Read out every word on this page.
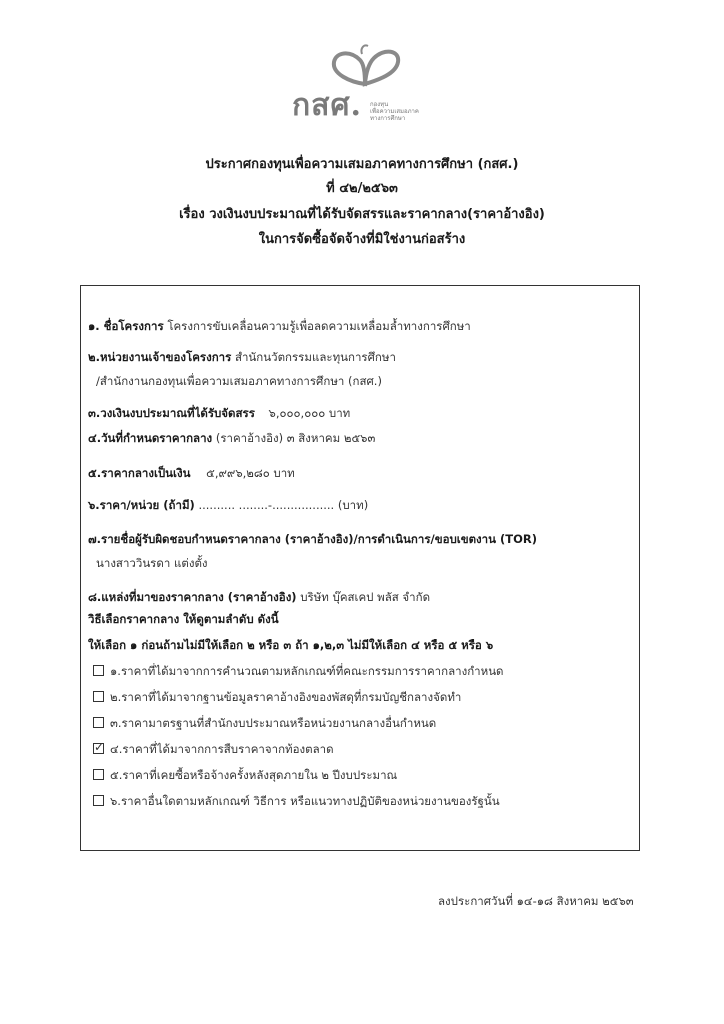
กสศ. กองทุน
เพื่อความเสมอภาค
ทางการศึกษา
ประกาศกองทุนเพื่อความเสมอภาคทางการศึกษา (กสศ.)
ที่ ๔๒/๒๕๖๓
เรื่อง วงเงินงบประมาณที่ได้รับจัดสรรและราคากลาง(ราคาอ้างอิง)
ในการจัดซื้อจัดจ้างที่มิใช่งานก่อสร้าง
๑. ชื่อโครงการ โครงการขับเคลื่อนความรู้เพื่อลดความเหลื่อมล้ำทางการศึกษา
๒.หน่วยงานเจ้าของโครงการ สำนักนวัตกรรมและทุนการศึกษา
/สำนักงานกองทุนเพื่อความเสมอภาคทางการศึกษา (กสศ.)
๓.วงเงินงบประมาณที่ได้รับจัดสรร ๖,๐๐๐,๐๐๐ บาท
๔.วันที่กำหนดราคากลาง (ราคาอ้างอิง) ๓ สิงหาคม ๒๕๖๓
๕.ราคากลางเป็นเงิน ๕,๙๙๖,๒๘๐ บาท
๖.ราคา/หน่วย (ถ้ามี) .......... ........-................. (บาท)
๗.รายชื่อผู้รับผิดชอบกำหนดราคากลาง (ราคาอ้างอิง)/การดำเนินการ/ขอบเขตงาน (TOR)
นางสาววินรดา แต่งตั้ง
๘.แหล่งที่มาของราคากลาง (ราคาอ้างอิง) บริษัท บุ๊คสเคป พลัส จำกัด
วิธีเลือกราคากลาง ให้ดูตามลำดับ ดังนี้
ให้เลือก ๑ ก่อนถ้ามไม่มีให้เลือก ๒ หรือ ๓ ถ้า ๑,๒,๓ ไม่มีให้เลือก ๔ หรือ ๕ หรือ ๖
๑.ราคาที่ได้มาจากการคำนวณตามหลักเกณฑ์ที่คณะกรรมการราคากลางกำหนด
๒.ราคาที่ได้มาจากฐานข้อมูลราคาอ้างอิงของพัสดุที่กรมบัญชีกลางจัดทำ
๓.ราคามาตรฐานที่สำนักงบประมาณหรือหน่วยงานกลางอื่นกำหนด
✓๔.ราคาที่ได้มาจากการสืบราคาจากท้องตลาด
๕.ราคาที่เคยซื้อหรือจ้างครั้งหลังสุดภายใน ๒ ปีงบประมาณ
๖.ราคาอื่นใดตามหลักเกณฑ์ วิธีการ หรือแนวทางปฏิบัติของหน่วยงานของรัฐนั้น
ลงประกาศวันที่ ๑๔-๑๘ สิงหาคม ๒๕๖๓
